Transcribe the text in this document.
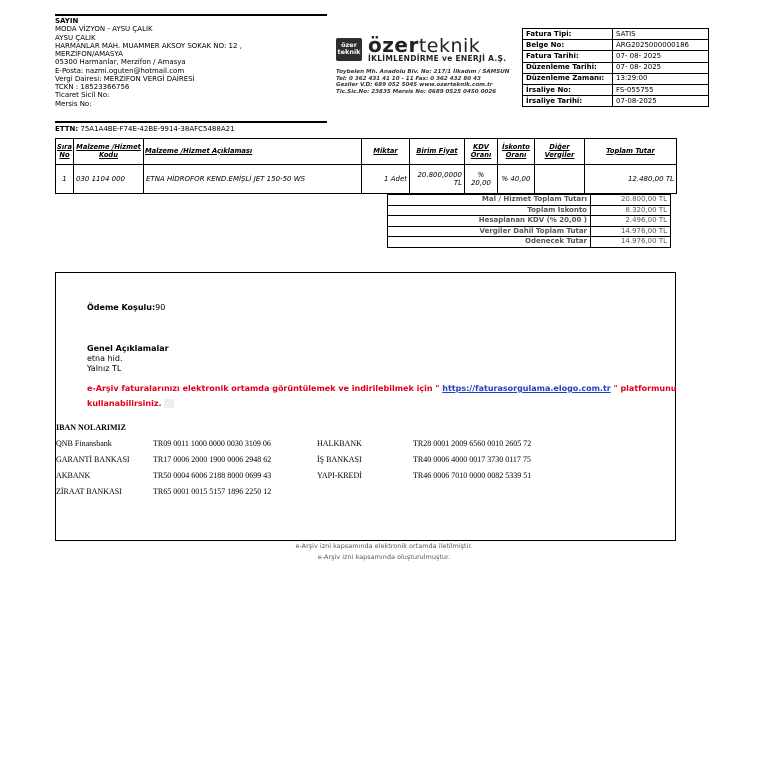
SAYIN
MODA VİZYON - AYSU ÇALIK
AYSU ÇALIK
HARMANLAR MAH. MUAMMER AKSOY SOKAK NO: 12 ,
MERZİFON/AMASYA
05300 Harmanlar, Merzifon / Amasya
E-Posta: nazmi.oguten@hotmail.com
Vergi Dairesi: MERZİFON VERGİ DAİRESİ
TCKN : 18523366756
Ticaret Sicil No:
Mersis No:
özer teknik özerteknik
İKLİMLENDİRME ve ENERJİ A.Ş.
Toybelen Mh. Anadolu Blv. No: 217/1 İlkadım / SAMSUN
Tel: 0 362 431 41 10 - 11 Fax: 0 362 432 80 43
Geziler V.D: 689 052 5045 www.ozerteknik.com.tr
Tic.Sic.No: 23835 Mersis No: 0689 0525 0450 0026
Fatura Tipi:	SATIS
Belge No:	ARG2025000000186
Fatura Tarihi:	07- 08- 2025
Düzenleme Tarihi:	07- 08- 2025
Düzenleme Zamanı:	13:29:00
İrsaliye No:	FS-055755
İrsaliye Tarihi:	07-08-2025
ETTN: 75A1A4BE-F74E-42BE-9914-38AFC5488A21
Sıra No	Malzeme /Hizmet Kodu	Malzeme /Hizmet Açıklaması	Miktar	Birim Fiyat	KDV Oranı	İskonto Oranı	Diğer Vergiler	Toplam Tutar
1	030 1104 000	ETNA HİDROFOR KEND.EMİŞLİ JET 150-50 WS	1 Adet	20.800,0000 TL	% 20,00	% 40,00		12.480,00 TL
Mal / Hizmet Toplam Tutarı	20.800,00 TL
Toplam İskonto	8.320,00 TL
Hesaplanan KDV (% 20,00 )	2.496,00 TL
Vergiler Dahil Toplam Tutar	14.976,00 TL
Ödenecek Tutar	14.976,00 TL
Ödeme Koşulu:90
Genel Açıklamalar
etna hid.
Yalnız TL
e-Arşiv faturalarınızı elektronik ortamda görüntülemek ve indirilebilmek için " https://faturasorgulama.elogo.com.tr " platformunu
kullanabilirsiniz.
IBAN NOLARIMIZ
QNB Finansbank	TR09 0011 1000 0000 0030 3109 06
GARANTİ BANKASI	TR17 0006 2000 1900 0006 2948 62
AKBANK	TR50 0004 6006 2188 8000 0699 43
ZİRAAT BANKASI	TR65 0001 0015 5157 1896 2250 12
HALKBANK	TR28 0001 2009 6560 0010 2605 72
İŞ BANKASI	TR40 0006 4000 0017 3730 0117 75
YAPI-KREDİ	TR46 0006 7010 0000 0082 5339 51
e-Arşiv izni kapsamında elektronik ortamda iletilmiştir.
e-Arşiv izni kapsamında oluşturulmuştur.
